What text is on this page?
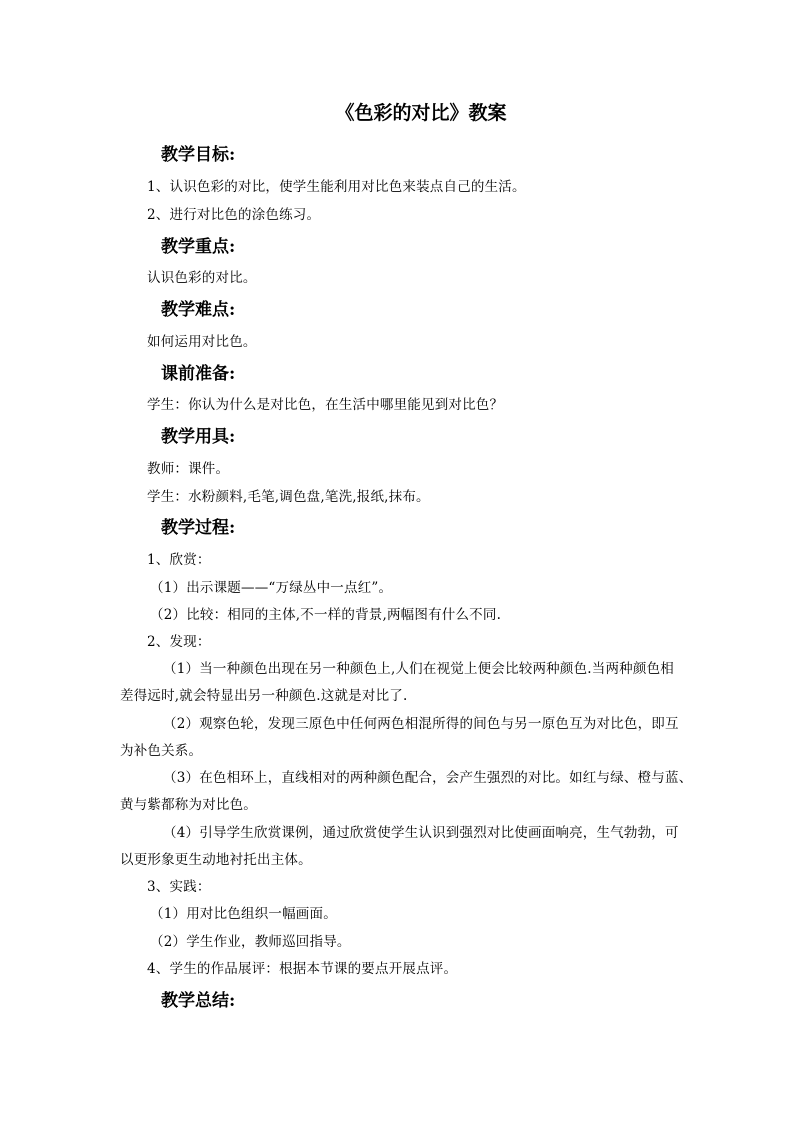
《色彩的对比》教案
教学目标:
1、认识色彩的对比，使学生能利用对比色来装点自己的生活。
2、进行对比色的涂色练习。
教学重点:
认识色彩的对比。
教学难点:
如何运用对比色。
课前准备:
学生：你认为什么是对比色，在生活中哪里能见到对比色？
教学用具:
教师：课件。
学生：水粉颜料,毛笔,调色盘,笔洗,报纸,抹布。
教学过程:
1、欣赏：
（1）出示课题——“万绿丛中一点红”。
（2）比较：相同的主体,不一样的背景,两幅图有什么不同.
2、发现：
（1）当一种颜色出现在另一种颜色上,人们在视觉上便会比较两种颜色.当两种颜色相
差得远时,就会特显出另一种颜色.这就是对比了.
（2）观察色轮，发现三原色中任何两色相混所得的间色与另一原色互为对比色，即互
为补色关系。
（3）在色相环上，直线相对的两种颜色配合，会产生强烈的对比。如红与绿、橙与蓝、
黄与紫都称为对比色。
（4）引导学生欣赏课例，通过欣赏使学生认识到强烈对比使画面响亮，生气勃勃，可
以更形象更生动地衬托出主体。
3、实践：
（1）用对比色组织一幅画面。
（2）学生作业，教师巡回指导。
4、学生的作品展评：根据本节课的要点开展点评。
教学总结:
